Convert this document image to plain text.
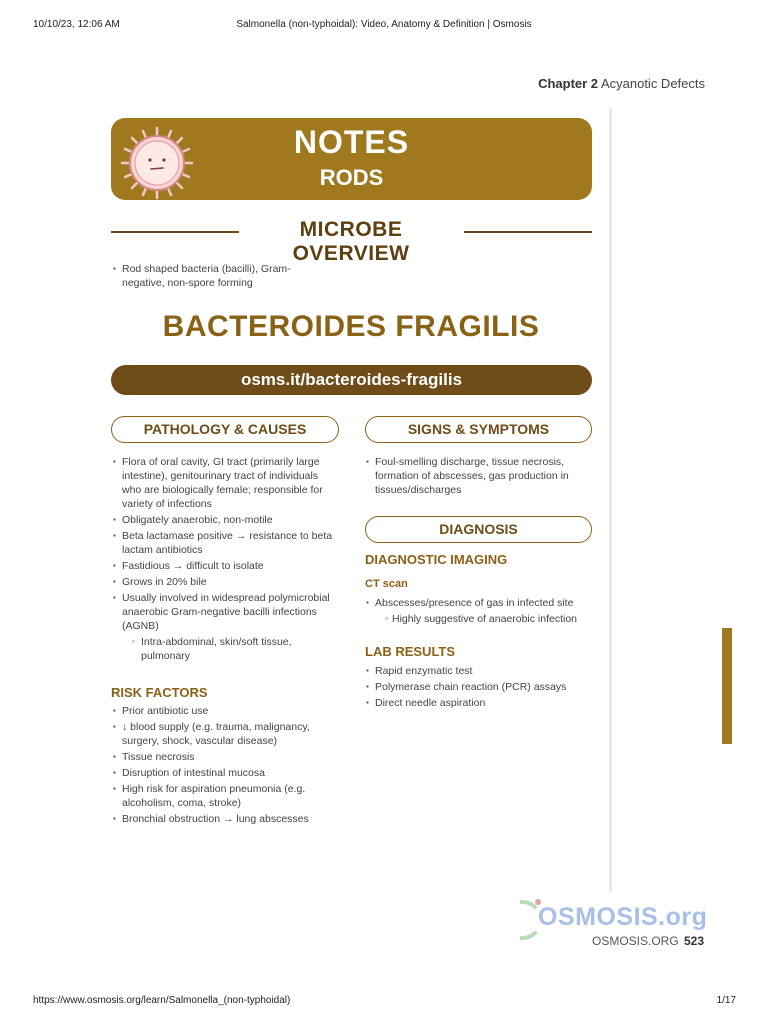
10/10/23, 12:06 AM	Salmonella (non-typhoidal): Video, Anatomy & Definition | Osmosis
https://www.osmosis.org/learn/Salmonella_(non-typhoidal)	1/17
Chapter 2 Acyanotic Defects
NOTES
RODS
MICROBE OVERVIEW
▪ Rod shaped bacteria (bacilli), Gram-negative, non-spore forming
BACTEROIDES FRAGILIS
osms.it/bacteroides-fragilis
PATHOLOGY & CAUSES
▪ Flora of oral cavity, GI tract (primarily large intestine), genitourinary tract of individuals who are biologically female; responsible for variety of infections
▪ Obligately anaerobic, non-motile
▪ Beta lactamase positive → resistance to beta lactam antibiotics
▪ Fastidious → difficult to isolate
▪ Grows in 20% bile
▪ Usually involved in widespread polymicrobial anaerobic Gram-negative bacilli infections (AGNB)
▫ Intra-abdominal, skin/soft tissue, pulmonary
RISK FACTORS
▪ Prior antibiotic use
▪ ↓ blood supply (e.g. trauma, malignancy, surgery, shock, vascular disease)
▪ Tissue necrosis
▪ Disruption of intestinal mucosa
▪ High risk for aspiration pneumonia (e.g. alcoholism, coma, stroke)
▪ Bronchial obstruction → lung abscesses
SIGNS & SYMPTOMS
▪ Foul-smelling discharge, tissue necrosis, formation of abscesses, gas production in tissues/discharges
DIAGNOSIS
DIAGNOSTIC IMAGING
CT scan
▪ Abscesses/presence of gas in infected site
▫ Highly suggestive of anaerobic infection
LAB RESULTS
▪ Rapid enzymatic test
▪ Polymerase chain reaction (PCR) assays
▪ Direct needle aspiration
OSMOSIS.org
OSMOSIS.ORG 523
